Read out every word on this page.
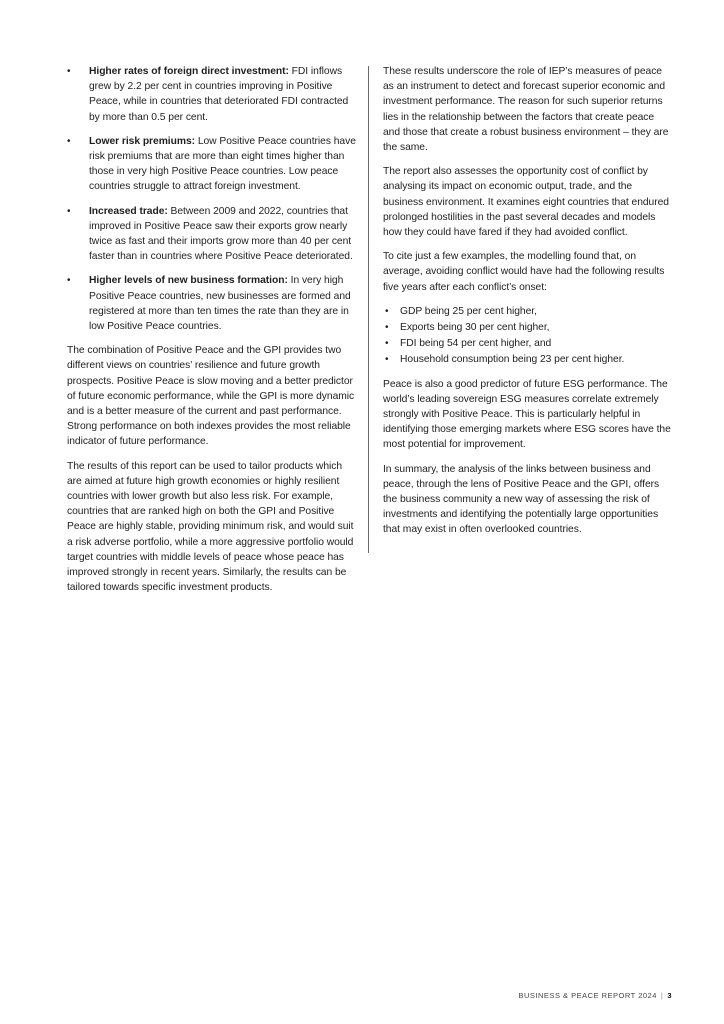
• Higher rates of foreign direct investment: FDI inflows grew by 2.2 per cent in countries improving in Positive Peace, while in countries that deteriorated FDI contracted by more than 0.5 per cent.
• Lower risk premiums: Low Positive Peace countries have risk premiums that are more than eight times higher than those in very high Positive Peace countries. Low peace countries struggle to attract foreign investment.
• Increased trade: Between 2009 and 2022, countries that improved in Positive Peace saw their exports grow nearly twice as fast and their imports grow more than 40 per cent faster than in countries where Positive Peace deteriorated.
• Higher levels of new business formation: In very high Positive Peace countries, new businesses are formed and registered at more than ten times the rate than they are in low Positive Peace countries.

The combination of Positive Peace and the GPI provides two different views on countries’ resilience and future growth prospects. Positive Peace is slow moving and a better predictor of future economic performance, while the GPI is more dynamic and is a better measure of the current and past performance. Strong performance on both indexes provides the most reliable indicator of future performance.

The results of this report can be used to tailor products which are aimed at future high growth economies or highly resilient countries with lower growth but also less risk. For example, countries that are ranked high on both the GPI and Positive Peace are highly stable, providing minimum risk, and would suit a risk adverse portfolio, while a more aggressive portfolio would target countries with middle levels of peace whose peace has improved strongly in recent years. Similarly, the results can be tailored towards specific investment products.

These results underscore the role of IEP’s measures of peace as an instrument to detect and forecast superior economic and investment performance. The reason for such superior returns lies in the relationship between the factors that create peace and those that create a robust business environment – they are the same.

The report also assesses the opportunity cost of conflict by analysing its impact on economic output, trade, and the business environment. It examines eight countries that endured prolonged hostilities in the past several decades and models how they could have fared if they had avoided conflict.

To cite just a few examples, the modelling found that, on average, avoiding conflict would have had the following results five years after each conflict’s onset:

• GDP being 25 per cent higher,
• Exports being 30 per cent higher,
• FDI being 54 per cent higher, and
• Household consumption being 23 per cent higher.

Peace is also a good predictor of future ESG performance. The world’s leading sovereign ESG measures correlate extremely strongly with Positive Peace. This is particularly helpful in identifying those emerging markets where ESG scores have the most potential for improvement.

In summary, the analysis of the links between business and peace, through the lens of Positive Peace and the GPI, offers the business community a new way of assessing the risk of investments and identifying the potentially large opportunities that may exist in often overlooked countries.

BUSINESS & PEACE REPORT 2024 | 3
